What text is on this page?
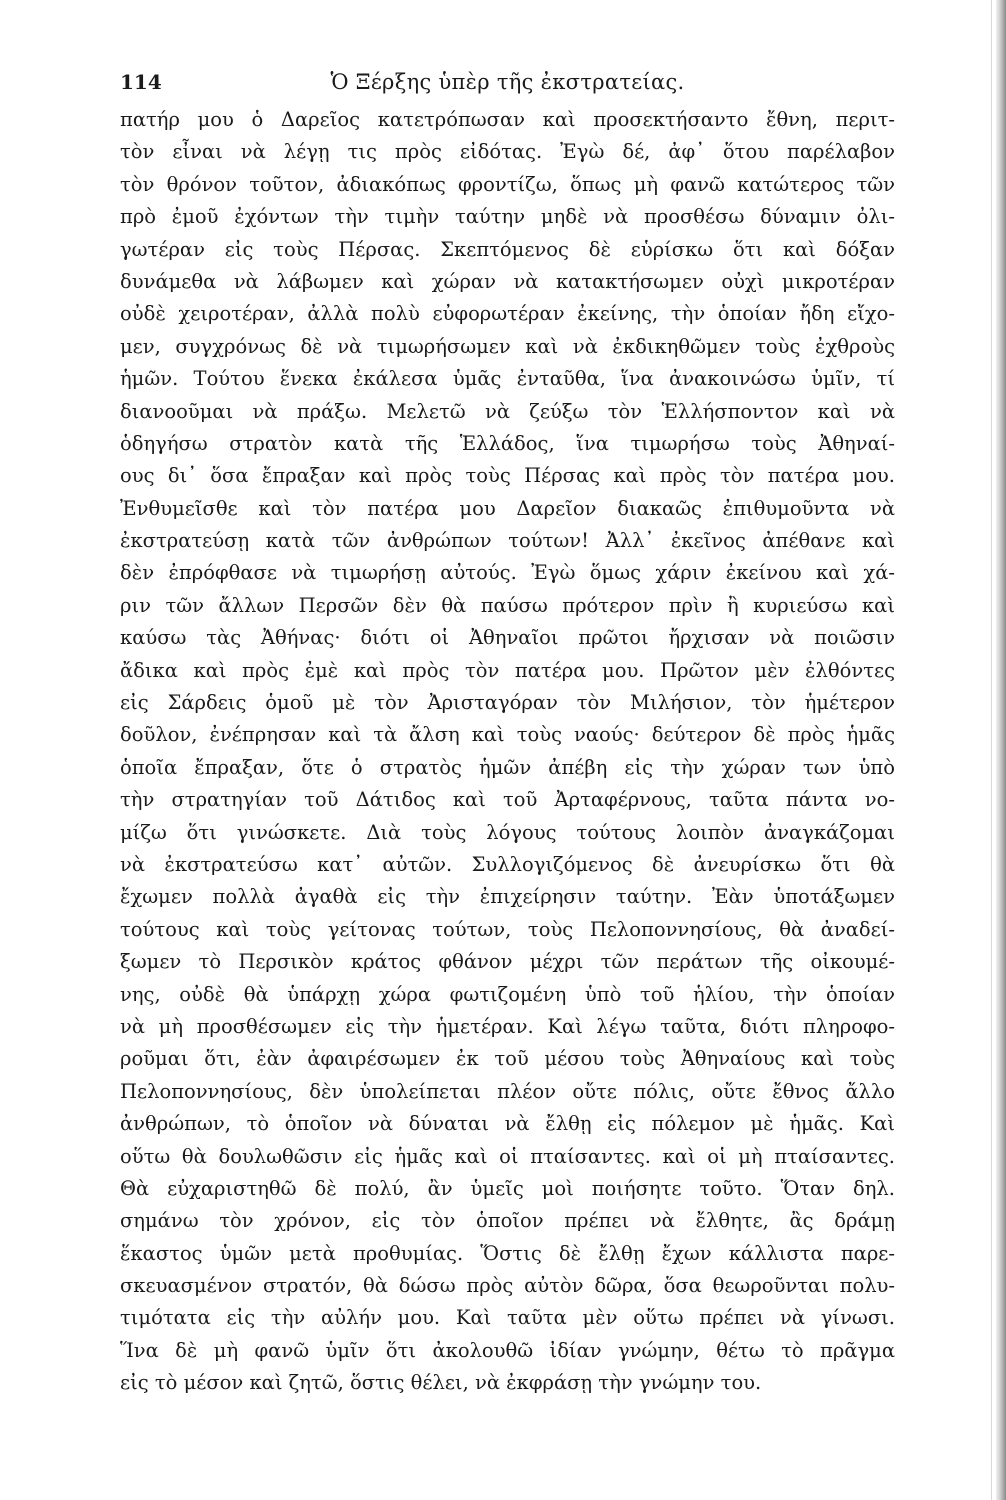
114	Ὁ Ξέρξης ὑπὲρ τῆς ἐκστρατείας.
πατήρ μου ὁ Δαρεῖος κατετρόπωσαν καὶ προσεκτήσαντο ἔθνη, περιτ-
τὸν εἶναι νὰ λέγῃ τις πρὸς εἰδότας. Ἐγὼ δέ, ἀφ᾽ ὅτου παρέλαβον
τὸν θρόνον τοῦτον, ἀδιακόπως φροντίζω, ὅπως μὴ φανῶ κατώτερος τῶν
πρὸ ἐμοῦ ἐχόντων τὴν τιμὴν ταύτην μηδὲ νὰ προσθέσω δύναμιν ὀλι-
γωτέραν εἰς τοὺς Πέρσας. Σκεπτόμενος δὲ εὑρίσκω ὅτι καὶ δόξαν
δυνάμεθα νὰ λάβωμεν καὶ χώραν νὰ κατακτήσωμεν οὐχὶ μικροτέραν
οὐδὲ χειροτέραν, ἀλλὰ πολὺ εὐφορωτέραν ἐκείνης, τὴν ὁποίαν ἤδη εἴχο-
μεν, συγχρόνως δὲ νὰ τιμωρήσωμεν καὶ νὰ ἐκδικηθῶμεν τοὺς ἐχθροὺς
ἡμῶν. Τούτου ἕνεκα ἐκάλεσα ὑμᾶς ἐνταῦθα, ἵνα ἀνακοινώσω ὑμῖν, τί
διανοοῦμαι νὰ πράξω. Μελετῶ νὰ ζεύξω τὸν Ἑλλήσποντον καὶ νὰ
ὁδηγήσω στρατὸν κατὰ τῆς Ἑλλάδος, ἵνα τιμωρήσω τοὺς Ἀθηναί-
ους δι᾽ ὅσα ἔπραξαν καὶ πρὸς τοὺς Πέρσας καὶ πρὸς τὸν πατέρα μου.
Ἐνθυμεῖσθε καὶ τὸν πατέρα μου Δαρεῖον διακαῶς ἐπιθυμοῦντα νὰ
ἐκστρατεύσῃ κατὰ τῶν ἀνθρώπων τούτων! Ἀλλ᾽ ἐκεῖνος ἀπέθανε καὶ
δὲν ἐπρόφθασε νὰ τιμωρήσῃ αὐτούς. Ἐγὼ ὅμως χάριν ἐκείνου καὶ χά-
ριν τῶν ἄλλων Περσῶν δὲν θὰ παύσω πρότερον πρὶν ἢ κυριεύσω καὶ
καύσω τὰς Ἀθήνας· διότι οἱ Ἀθηναῖοι πρῶτοι ἤρχισαν νὰ ποιῶσιν
ἄδικα καὶ πρὸς ἐμὲ καὶ πρὸς τὸν πατέρα μου. Πρῶτον μὲν ἐλθόντες
εἰς Σάρδεις ὁμοῦ μὲ τὸν Ἀρισταγόραν τὸν Μιλήσιον, τὸν ἡμέτερον
δοῦλον, ἐνέπρησαν καὶ τὰ ἄλση καὶ τοὺς ναούς· δεύτερον δὲ πρὸς ἡμᾶς
ὁποῖα ἔπραξαν, ὅτε ὁ στρατὸς ἡμῶν ἀπέβη εἰς τὴν χώραν των ὑπὸ
τὴν στρατηγίαν τοῦ Δάτιδος καὶ τοῦ Ἀρταφέρνους, ταῦτα πάντα νο-
μίζω ὅτι γινώσκετε. Διὰ τοὺς λόγους τούτους λοιπὸν ἀναγκάζομαι
νὰ ἐκστρατεύσω κατ᾽ αὐτῶν. Συλλογιζόμενος δὲ ἀνευρίσκω ὅτι θὰ
ἔχωμεν πολλὰ ἀγαθὰ εἰς τὴν ἐπιχείρησιν ταύτην. Ἐὰν ὑποτάξωμεν
τούτους καὶ τοὺς γείτονας τούτων, τοὺς Πελοποννησίους, θὰ ἀναδεί-
ξωμεν τὸ Περσικὸν κράτος φθάνον μέχρι τῶν περάτων τῆς οἰκουμέ-
νης, οὐδὲ θὰ ὑπάρχῃ χώρα φωτιζομένη ὑπὸ τοῦ ἡλίου, τὴν ὁποίαν
νὰ μὴ προσθέσωμεν εἰς τὴν ἡμετέραν. Καὶ λέγω ταῦτα, διότι πληροφο-
ροῦμαι ὅτι, ἐὰν ἀφαιρέσωμεν ἐκ τοῦ μέσου τοὺς Ἀθηναίους καὶ τοὺς
Πελοποννησίους, δὲν ὑπολείπεται πλέον οὔτε πόλις, οὔτε ἔθνος ἄλλο
ἀνθρώπων, τὸ ὁποῖον νὰ δύναται νὰ ἔλθῃ εἰς πόλεμον μὲ ἡμᾶς. Καὶ
οὕτω θὰ δουλωθῶσιν εἰς ἡμᾶς καὶ οἱ πταίσαντες. καὶ οἱ μὴ πταίσαντες.
Θὰ εὐχαριστηθῶ δὲ πολύ, ἂν ὑμεῖς μοὶ ποιήσητε τοῦτο. Ὅταν δηλ.
σημάνω τὸν χρόνον, εἰς τὸν ὁποῖον πρέπει νὰ ἔλθητε, ἂς δράμῃ
ἕκαστος ὑμῶν μετὰ προθυμίας. Ὅστις δὲ ἔλθῃ ἔχων κάλλιστα παρε-
σκευασμένον στρατόν, θὰ δώσω πρὸς αὐτὸν δῶρα, ὅσα θεωροῦνται πολυ-
τιμότατα εἰς τὴν αὐλήν μου. Καὶ ταῦτα μὲν οὕτω πρέπει νὰ γίνωσι.
Ἵνα δὲ μὴ φανῶ ὑμῖν ὅτι ἀκολουθῶ ἰδίαν γνώμην, θέτω τὸ πρᾶγμα
εἰς τὸ μέσον καὶ ζητῶ, ὅστις θέλει, νὰ ἐκφράσῃ τὴν γνώμην του.
